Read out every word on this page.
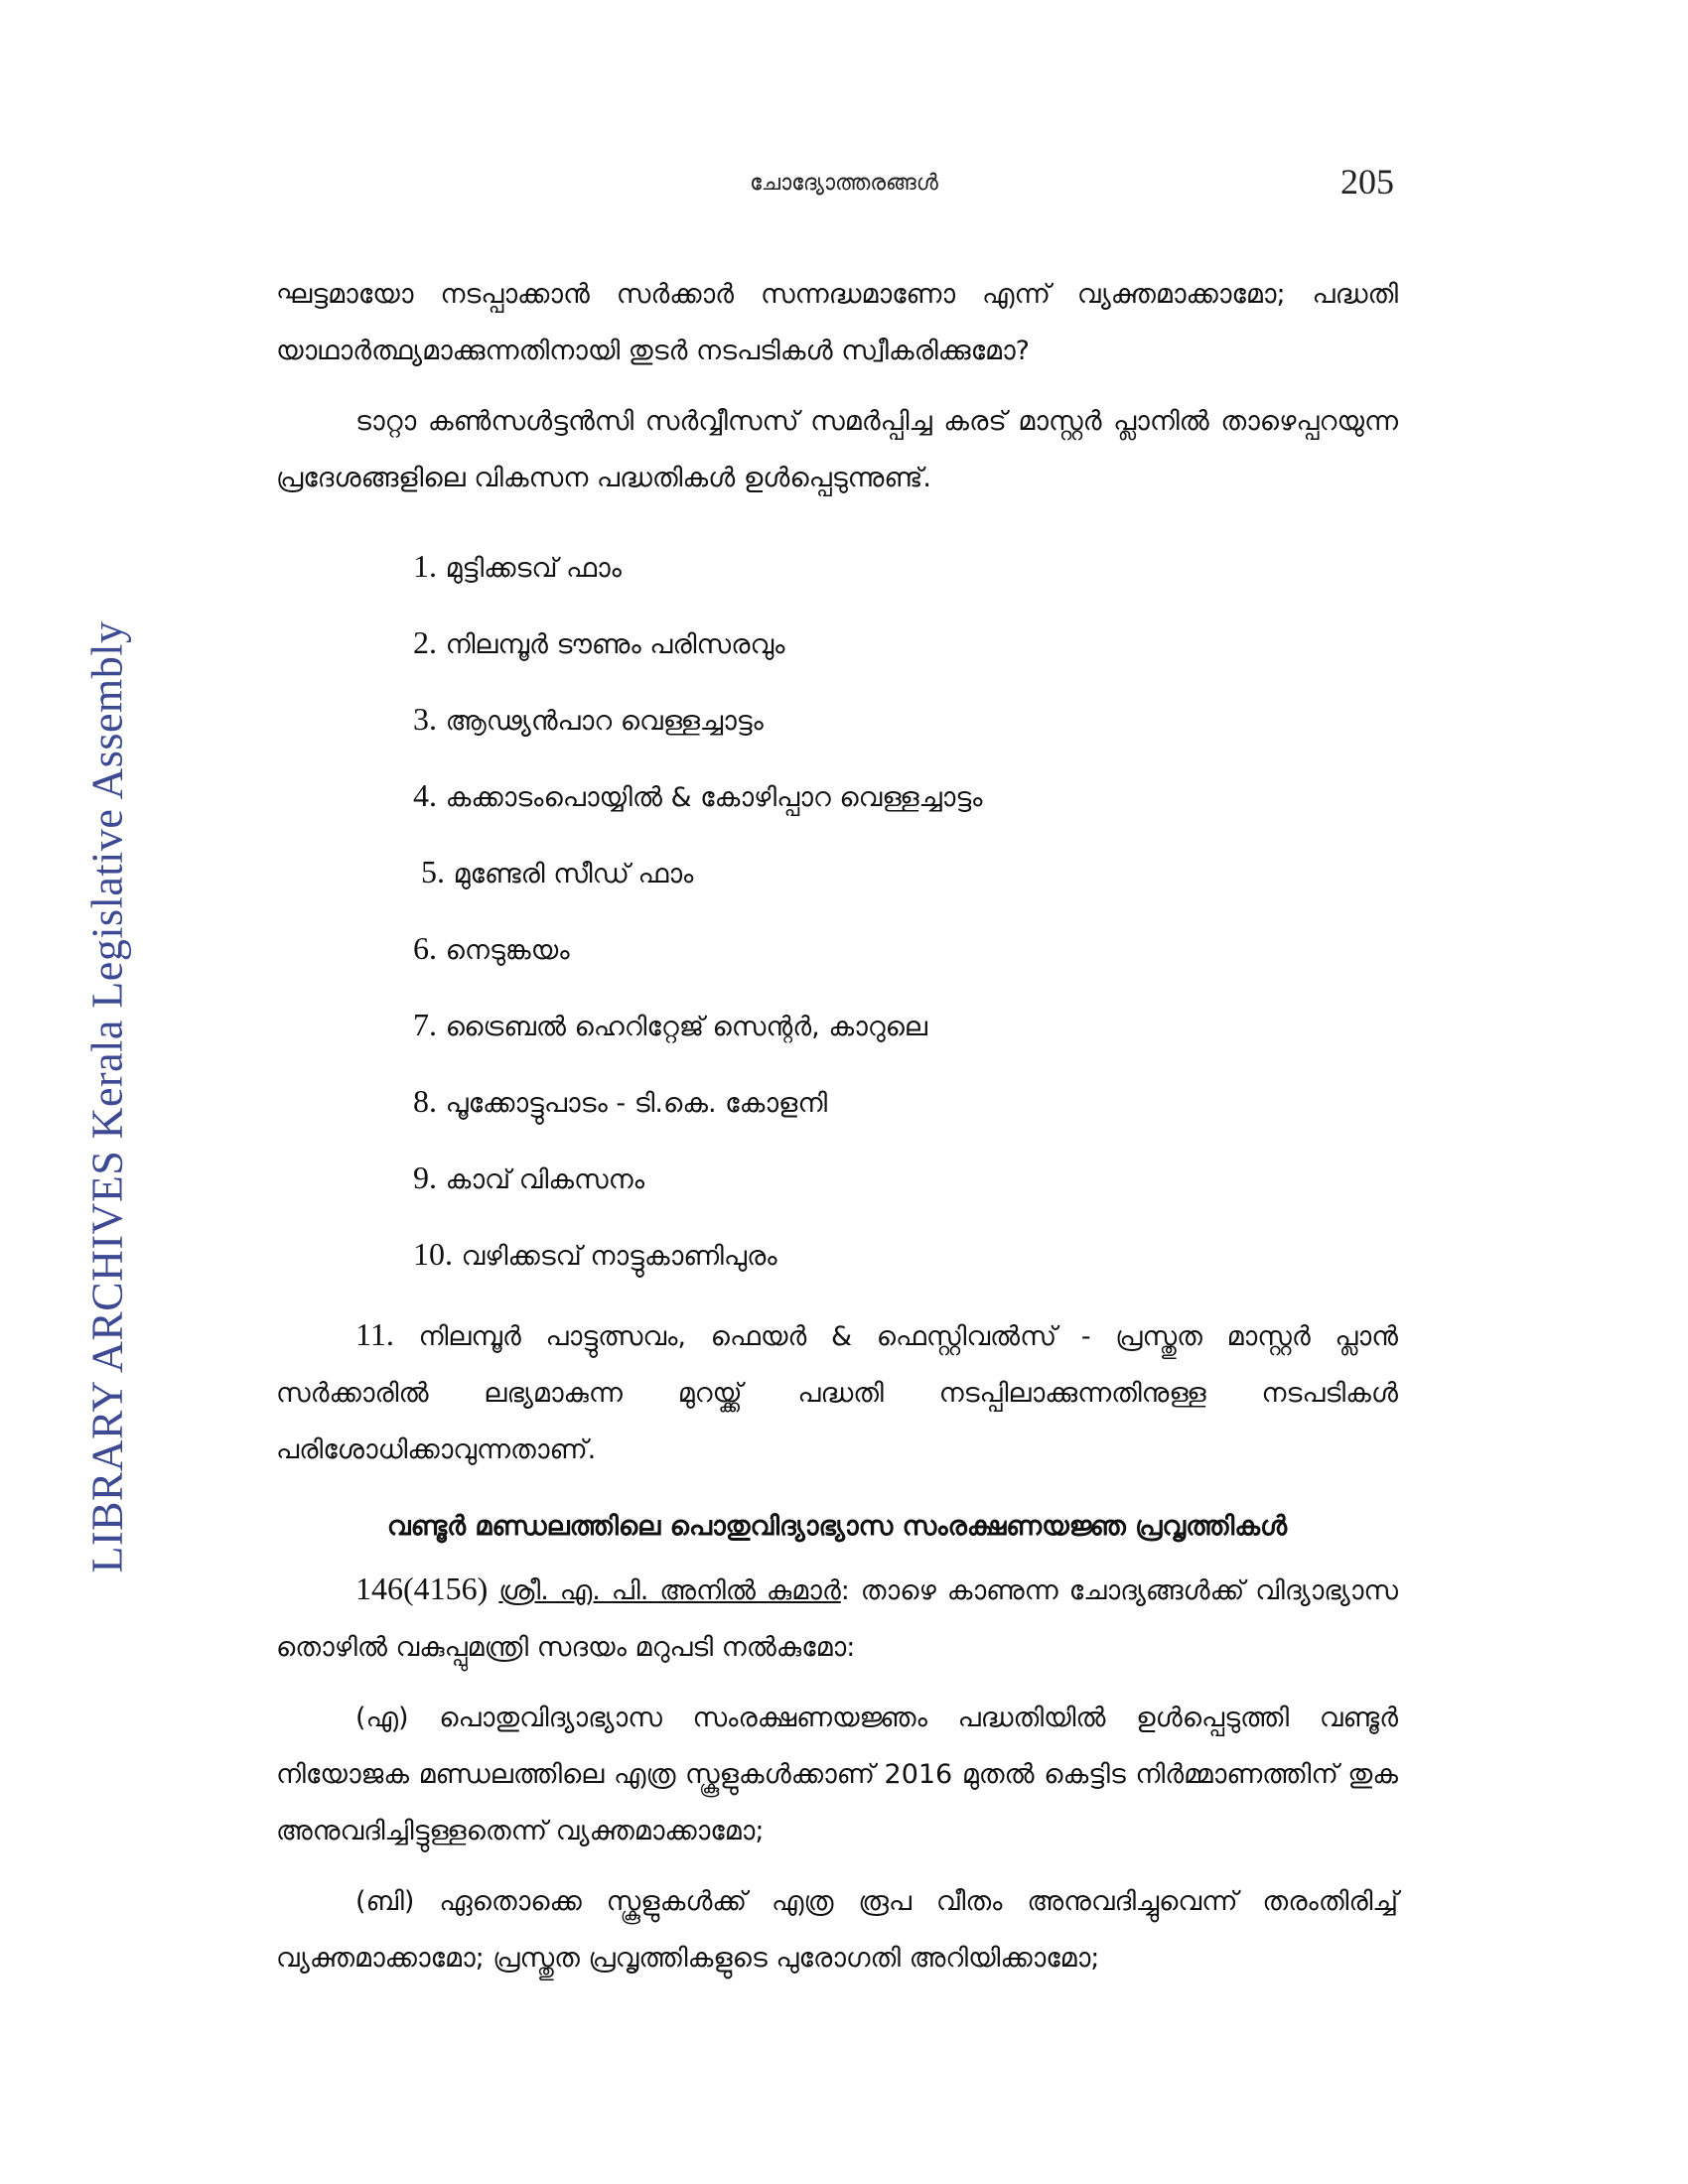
LIBRARY ARCHIVES Kerala Legislative Assembly
ചോദ്യോത്തരങ്ങൾ	205

ഘട്ടമായോ നടപ്പാക്കാൻ സർക്കാർ സന്നദ്ധമാണോ എന്ന് വ്യക്തമാക്കാമോ; പദ്ധതി യാഥാർത്ഥ്യമാക്കുന്നതിനായി തുടർ നടപടികൾ സ്വീകരിക്കുമോ?

ടാറ്റാ കൺസൾട്ടൻസി സർവ്വീസസ് സമർപ്പിച്ച കരട് മാസ്റ്റർ പ്ലാനിൽ താഴെപ്പറയുന്ന പ്രദേശങ്ങളിലെ വികസന പദ്ധതികൾ ഉൾപ്പെടുന്നുണ്ട്.

1. മുട്ടിക്കടവ് ഫാം
2. നിലമ്പൂർ ടൗണും പരിസരവും
3. ആഢ്യൻപാറ വെള്ളച്ചാട്ടം
4. കക്കാടംപൊയ്യിൽ & കോഴിപ്പാറ വെള്ളച്ചാട്ടം
5. മുണ്ടേരി സീഡ് ഫാം
6. നെടുങ്കയം
7. ട്രൈബൽ ഹെറിറ്റേജ് സെന്റർ, കാറുലെ
8. പൂക്കോട്ടുപാടം - ടി.കെ. കോളനി
9. കാവ് വികസനം
10. വഴിക്കടവ് നാട്ടുകാണിപുരം

11. നിലമ്പൂർ പാട്ടുത്സവം, ഫെയർ & ഫെസ്റ്റിവൽസ് - പ്രസ്തുത മാസ്റ്റർ പ്ലാൻ സർക്കാരിൽ ലഭ്യമാകുന്ന മുറയ്ക്ക് പദ്ധതി നടപ്പിലാക്കുന്നതിനുള്ള നടപടികൾ പരിശോധിക്കാവുന്നതാണ്.

വണ്ടൂർ മണ്ഡലത്തിലെ പൊതുവിദ്യാഭ്യാസ സംരക്ഷണയജ്ഞ പ്രവൃത്തികൾ

146(4156) ശ്രീ. എ. പി. അനിൽ കുമാർ: താഴെ കാണുന്ന ചോദ്യങ്ങൾക്ക് വിദ്യാഭ്യാസ തൊഴിൽ വകുപ്പുമന്ത്രി സദയം മറുപടി നൽകുമോ:

(എ) പൊതുവിദ്യാഭ്യാസ സംരക്ഷണയജ്ഞം പദ്ധതിയിൽ ഉൾപ്പെടുത്തി വണ്ടൂർ നിയോജക മണ്ഡലത്തിലെ എത്ര സ്കൂളുകൾക്കാണ് 2016 മുതൽ കെട്ടിട നിർമ്മാണത്തിന് തുക അനുവദിച്ചിട്ടുള്ളതെന്ന് വ്യക്തമാക്കാമോ;

(ബി) ഏതൊക്കെ സ്കൂളുകൾക്ക് എത്ര രൂപ വീതം അനുവദിച്ചുവെന്ന് തരംതിരിച്ച് വ്യക്തമാക്കാമോ; പ്രസ്തുത പ്രവൃത്തികളുടെ പുരോഗതി അറിയിക്കാമോ;
